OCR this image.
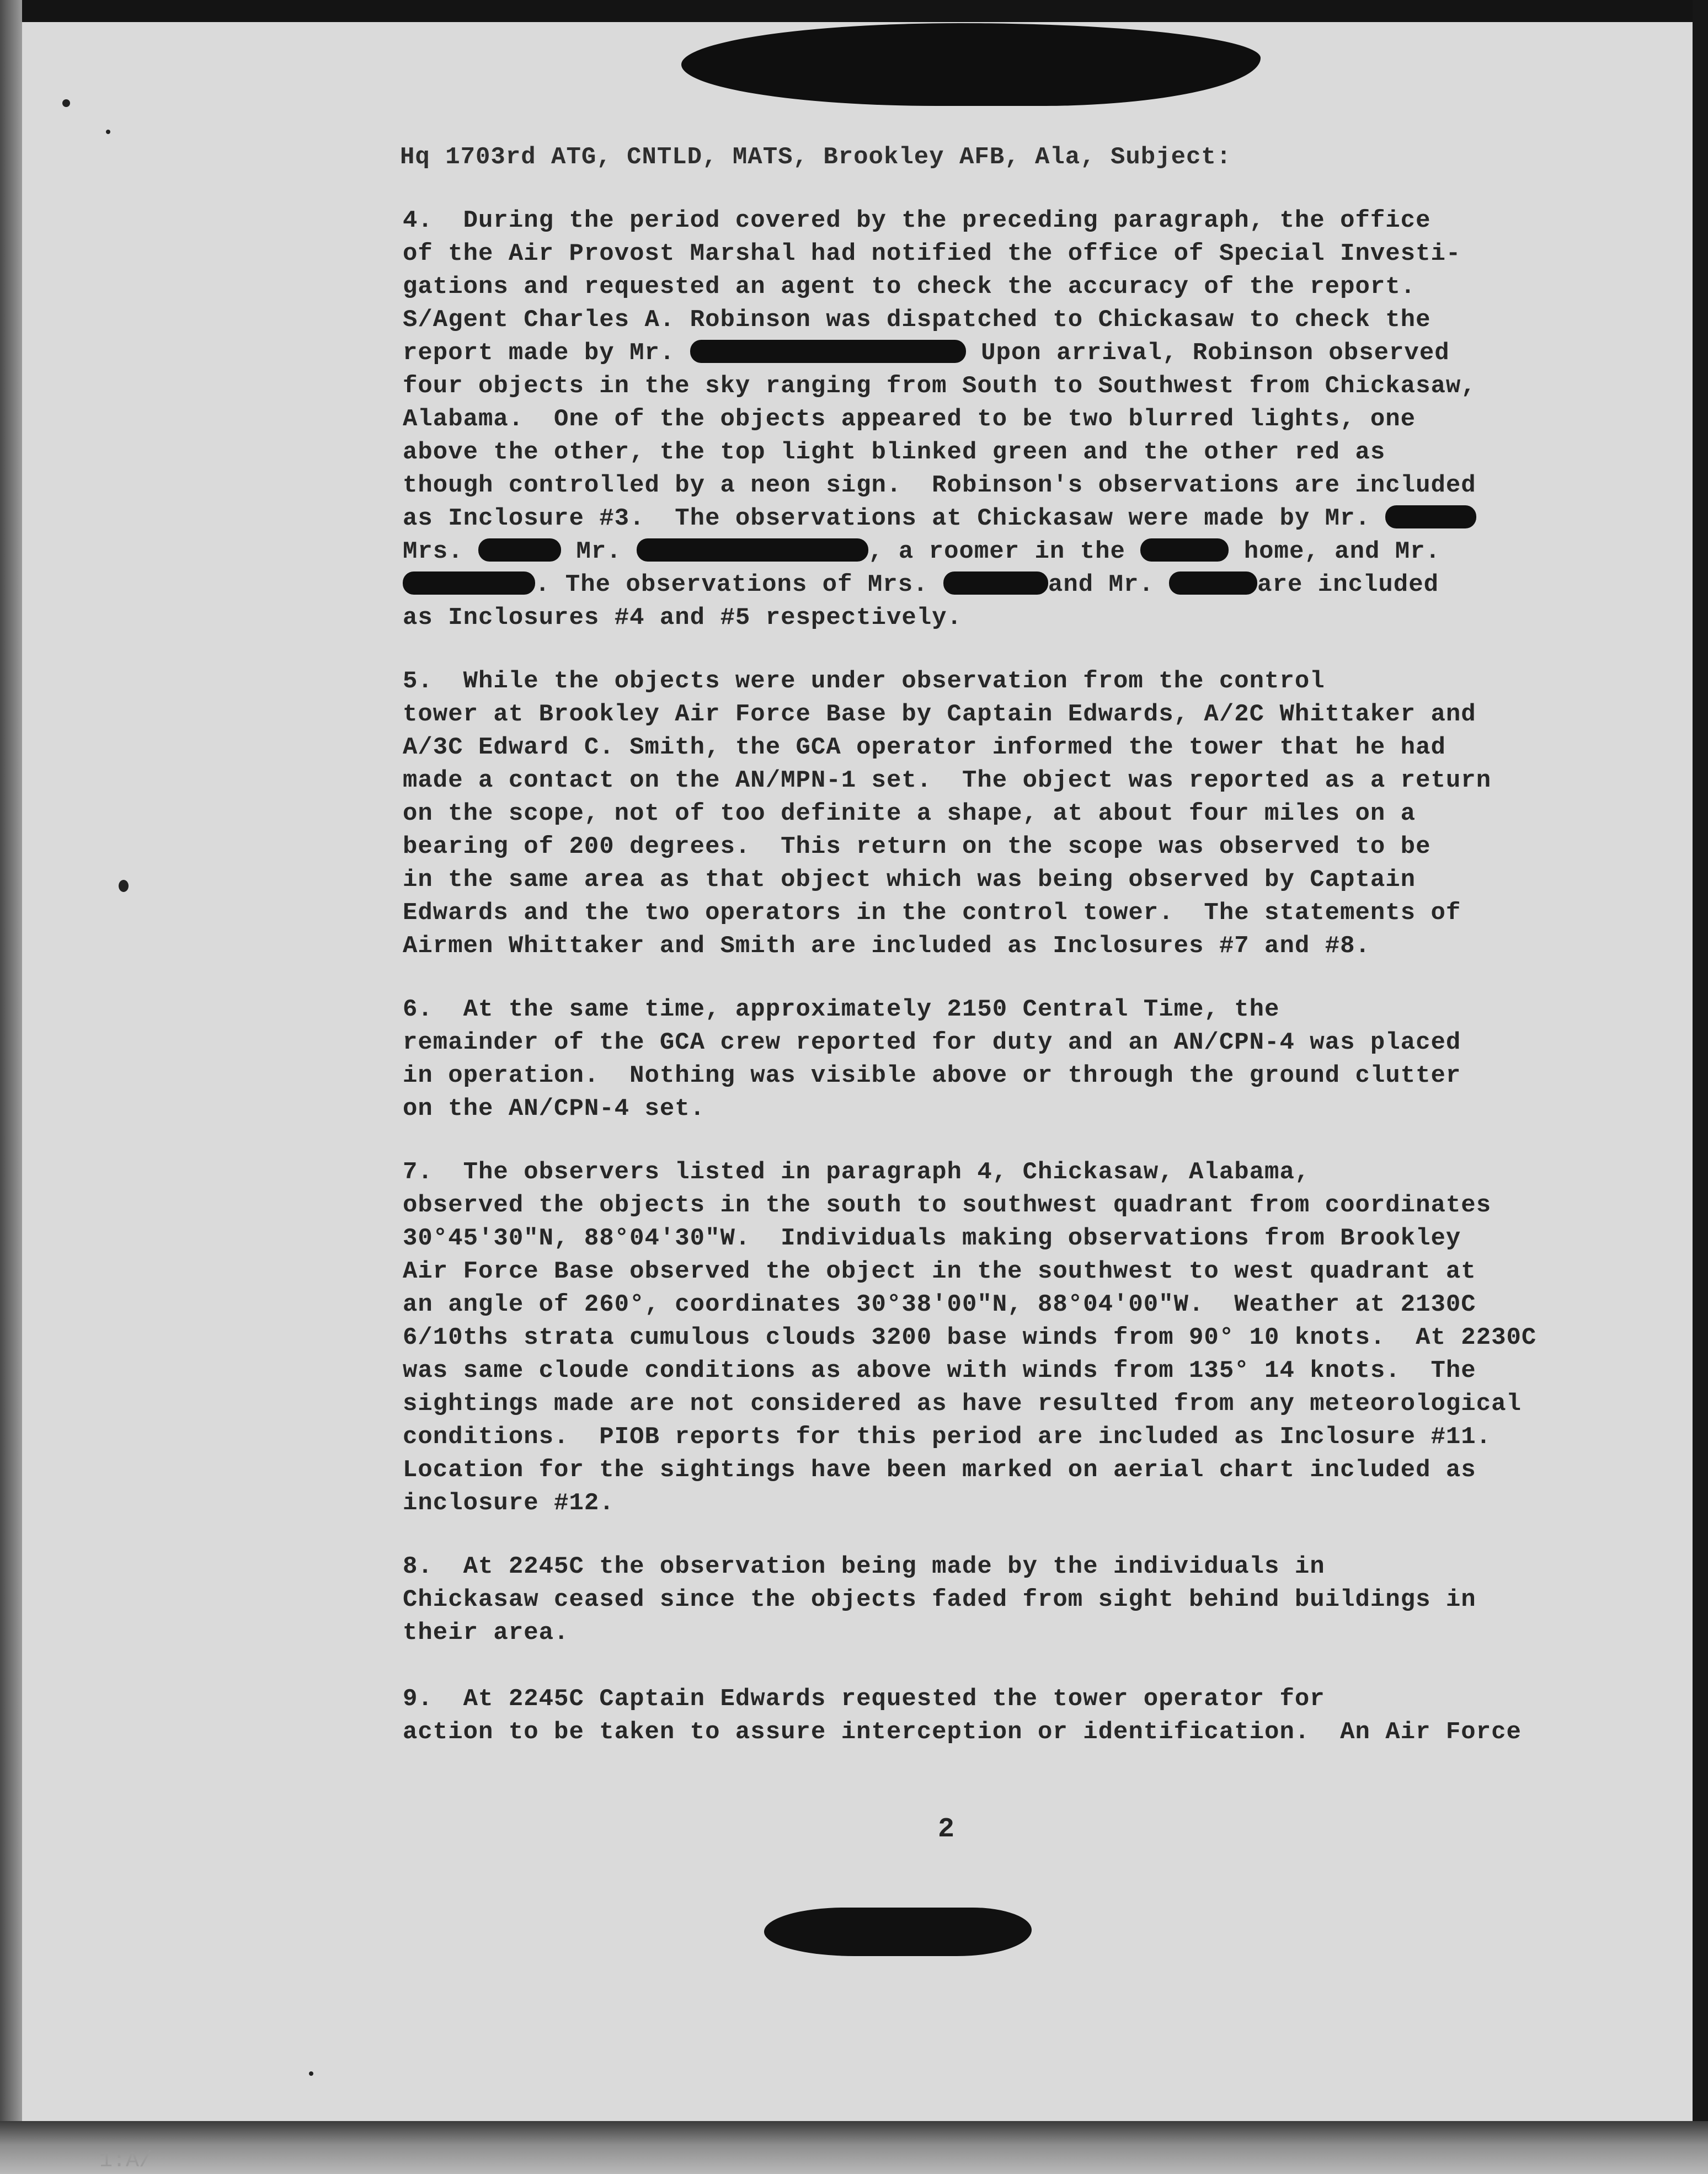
1:A/

Hq 1703rd ATG, CNTLD, MATS, Brookley AFB, Ala, Subject:

4.  During the period covered by the preceding paragraph, the office

of the Air Provost Marshal had notified the office of Special Investi-

gations and requested an agent to check the accuracy of the report.

S/Agent Charles A. Robinson was dispatched to Chickasaw to check the

report made by Mr.	Upon arrival, Robinson observed

four objects in the sky ranging from South to Southwest from Chickasaw,

Alabama.  One of the objects appeared to be two blurred lights, one

above the other, the top light blinked green and the other red as

though controlled by a neon sign.  Robinson's observations are included

as Inclosure #3.  The observations at Chickasaw were made by Mr.

Mrs.	Mr.	, a roomer in the	home, and Mr.

. The observations of Mrs.	and Mr.	are included

as Inclosures #4 and #5 respectively.

5.  While the objects were under observation from the control

tower at Brookley Air Force Base by Captain Edwards, A/2C Whittaker and

A/3C Edward C. Smith, the GCA operator informed the tower that he had

made a contact on the AN/MPN-1 set.  The object was reported as a return

on the scope, not of too definite a shape, at about four miles on a

bearing of 200 degrees.  This return on the scope was observed to be

in the same area as that object which was being observed by Captain

Edwards and the two operators in the control tower.  The statements of

Airmen Whittaker and Smith are included as Inclosures #7 and #8.

6.  At the same time, approximately 2150 Central Time, the

remainder of the GCA crew reported for duty and an AN/CPN-4 was placed

in operation.  Nothing was visible above or through the ground clutter

on the AN/CPN-4 set.

7.  The observers listed in paragraph 4, Chickasaw, Alabama,

observed the objects in the south to southwest quadrant from coordinates

30°45'30"N, 88°04'30"W.  Individuals making observations from Brookley

Air Force Base observed the object in the southwest to west quadrant at

an angle of 260°, coordinates 30°38'00"N, 88°04'00"W.  Weather at 2130C

6/10ths strata cumulous clouds 3200 base winds from 90° 10 knots.  At 2230C

was same cloude conditions as above with winds from 135° 14 knots.  The

sightings made are not considered as have resulted from any meteorological

conditions.  PIOB reports for this period are included as Inclosure #11.

Location for the sightings have been marked on aerial chart included as

inclosure #12.

8.  At 2245C the observation being made by the individuals in

Chickasaw ceased since the objects faded from sight behind buildings in

their area.

9.  At 2245C Captain Edwards requested the tower operator for

action to be taken to assure interception or identification.  An Air Force

2
